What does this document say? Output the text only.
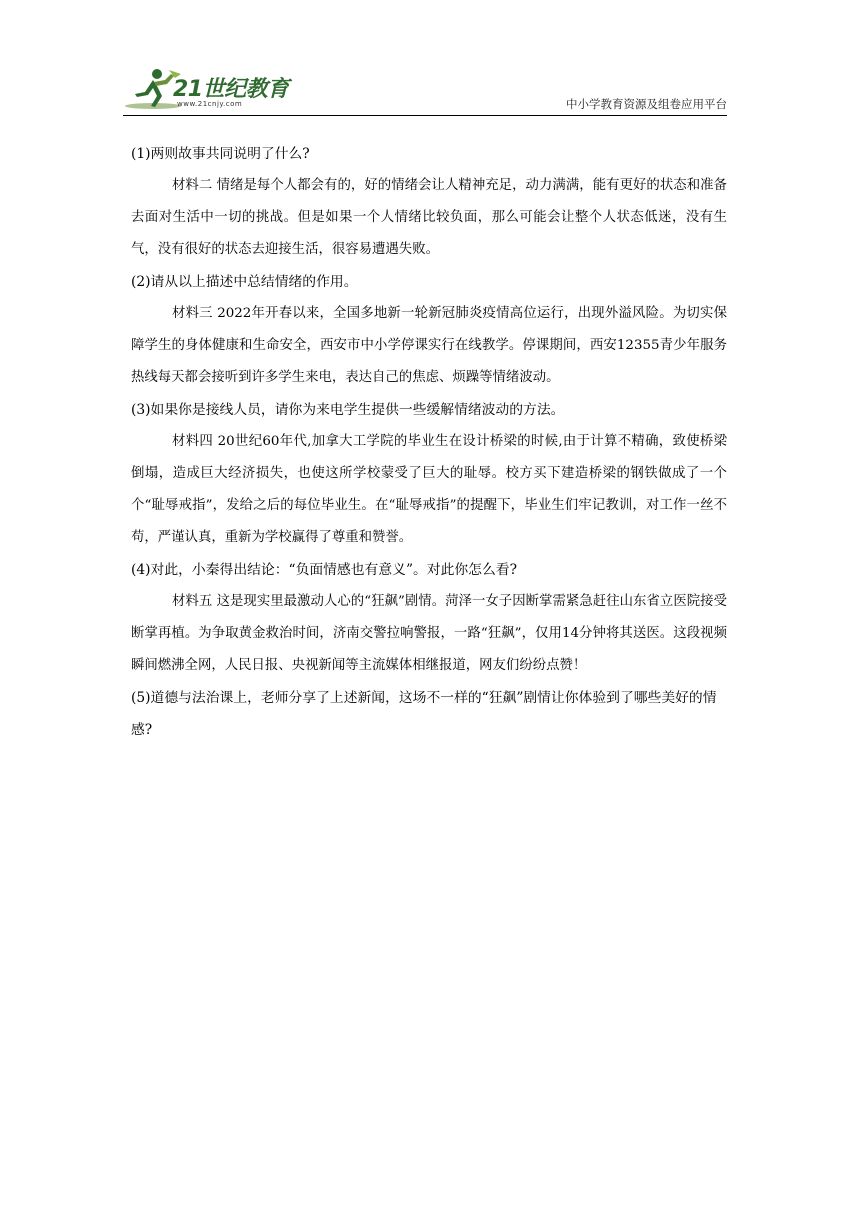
21世纪教育
www.21cnjy.com	中小学教育资源及组卷应用平台

(1)两则故事共同说明了什么?

材料二 情绪是每个人都会有的，好的情绪会让人精神充足，动力满满，能有更好的状态和准备去面对生活中一切的挑战。但是如果一个人情绪比较负面，那么可能会让整个人状态低迷，没有生气，没有很好的状态去迎接生活，很容易遭遇失败。

(2)请从以上描述中总结情绪的作用。

材料三 2022年开春以来，全国多地新一轮新冠肺炎疫情高位运行，出现外溢风险。为切实保障学生的身体健康和生命安全，西安市中小学停课实行在线教学。停课期间，西安12355青少年服务热线每天都会接听到许多学生来电，表达自己的焦虑、烦躁等情绪波动。

(3)如果你是接线人员，请你为来电学生提供一些缓解情绪波动的方法。

材料四 20世纪60年代,加拿大工学院的毕业生在设计桥梁的时候,由于计算不精确，致使桥梁倒塌，造成巨大经济损失，也使这所学校蒙受了巨大的耻辱。校方买下建造桥梁的钢铁做成了一个个“耻辱戒指”，发给之后的每位毕业生。在“耻辱戒指”的提醒下，毕业生们牢记教训，对工作一丝不苟，严谨认真，重新为学校赢得了尊重和赞誉。

(4)对此，小秦得出结论：“负面情感也有意义”。对此你怎么看?

材料五 这是现实里最激动人心的“狂飙”剧情。菏泽一女子因断掌需紧急赶往山东省立医院接受断掌再植。为争取黄金救治时间，济南交警拉响警报，一路“狂飙”，仅用14分钟将其送医。这段视频瞬间燃沸全网，人民日报、央视新闻等主流媒体相继报道，网友们纷纷点赞！

(5)道德与法治课上，老师分享了上述新闻，这场不一样的“狂飙”剧情让你体验到了哪些美好的情感?
